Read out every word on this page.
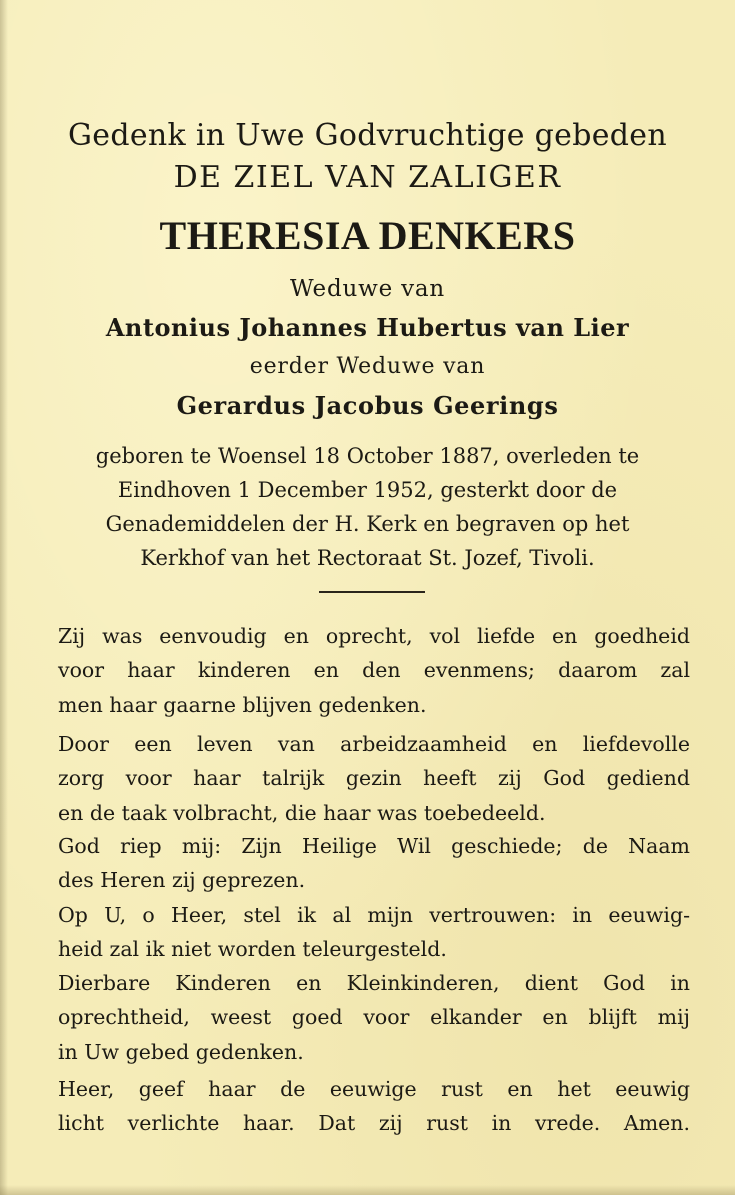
Gedenk in Uwe Godvruchtige gebeden

DE ZIEL VAN ZALIGER

THERESIA DENKERS

Weduwe van

Antonius Johannes Hubertus van Lier

eerder Weduwe van

Gerardus Jacobus Geerings

geboren te Woensel 18 October 1887, overleden te

Eindhoven 1 December 1952, gesterkt door de

Genademiddelen der H. Kerk en begraven op het

Kerkhof van het Rectoraat St. Jozef, Tivoli.

Zij was eenvoudig en oprecht, vol liefde en goedheid
voor haar kinderen en den evenmens; daarom zal
men haar gaarne blijven gedenken.

Door een leven van arbeidzaamheid en liefdevolle
zorg voor haar talrijk gezin heeft zij God gediend
en de taak volbracht, die haar was toebedeeld.

God riep mij: Zijn Heilige Wil geschiede; de Naam
des Heren zij geprezen.

Op U, o Heer, stel ik al mijn vertrouwen: in eeuwig-
heid zal ik niet worden teleurgesteld.

Dierbare Kinderen en Kleinkinderen, dient God in
oprechtheid, weest goed voor elkander en blijft mij
in Uw gebed gedenken.

Heer, geef haar de eeuwige rust en het eeuwig
licht verlichte haar. Dat zij rust in vrede. Amen.
